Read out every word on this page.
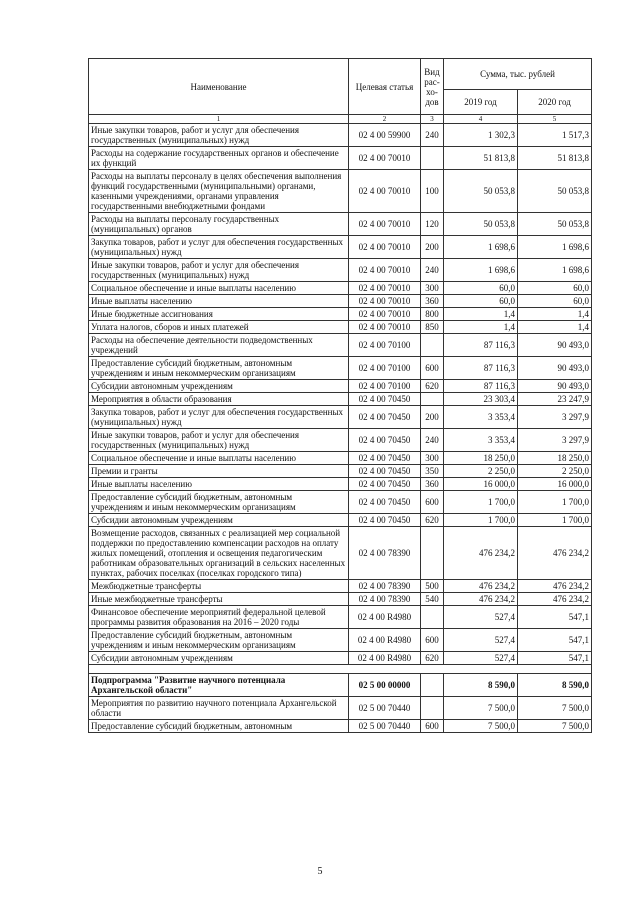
Наименование	Целевая статья	Вид
рас-
хо-
дов	Сумма, тыс. рублей	
			2019 год	2020 год
1	2	3	4	5
Иные закупки товаров, работ и услуг для обеспечения государственных (муниципальных) нужд	02 4 00 59900	240	1 302,3	1 517,3
Расходы на содержание государственных органов и обеспечение их функций	02 4 00 70010		51 813,8	51 813,8
Расходы на выплаты персоналу в целях обеспечения выполнения функций государственными (муниципальными) органами, казенными учреждениями, органами управления государственными внебюджетными фондами	02 4 00 70010	100	50 053,8	50 053,8
Расходы на выплаты персоналу государственных (муниципальных) органов	02 4 00 70010	120	50 053,8	50 053,8
Закупка товаров, работ и услуг для обеспечения государственных (муниципальных) нужд	02 4 00 70010	200	1 698,6	1 698,6
Иные закупки товаров, работ и услуг для обеспечения государственных (муниципальных) нужд	02 4 00 70010	240	1 698,6	1 698,6
Социальное обеспечение и иные выплаты населению	02 4 00 70010	300	60,0	60,0
Иные выплаты населению	02 4 00 70010	360	60,0	60,0
Иные бюджетные ассигнования	02 4 00 70010	800	1,4	1,4
Уплата налогов, сборов и иных платежей	02 4 00 70010	850	1,4	1,4
Расходы на обеспечение деятельности подведомственных учреждений	02 4 00 70100		87 116,3	90 493,0
Предоставление субсидий бюджетным, автономным учреждениям и иным некоммерческим организациям	02 4 00 70100	600	87 116,3	90 493,0
Субсидии автономным учреждениям	02 4 00 70100	620	87 116,3	90 493,0
Мероприятия в области образования	02 4 00 70450		23 303,4	23 247,9
Закупка товаров, работ и услуг для обеспечения государственных (муниципальных) нужд	02 4 00 70450	200	3 353,4	3 297,9
Иные закупки товаров, работ и услуг для обеспечения государственных (муниципальных) нужд	02 4 00 70450	240	3 353,4	3 297,9
Социальное обеспечение и иные выплаты населению	02 4 00 70450	300	18 250,0	18 250,0
Премии и гранты	02 4 00 70450	350	2 250,0	2 250,0
Иные выплаты населению	02 4 00 70450	360	16 000,0	16 000,0
Предоставление субсидий бюджетным, автономным учреждениям и иным некоммерческим организациям	02 4 00 70450	600	1 700,0	1 700,0
Субсидии автономным учреждениям	02 4 00 70450	620	1 700,0	1 700,0
Возмещение расходов, связанных с реализацией мер социальной поддержки по предоставлению компенсации расходов на оплату жилых помещений, отопления и освещения педагогическим работникам образовательных организаций в сельских населенных пунктах, рабочих поселках (поселках городского типа)	02 4 00 78390		476 234,2	476 234,2
Межбюджетные трансферты	02 4 00 78390	500	476 234,2	476 234,2
Иные межбюджетные трансферты	02 4 00 78390	540	476 234,2	476 234,2
Финансовое обеспечение мероприятий федеральной целевой программы развития образования на 2016 – 2020 годы	02 4 00 R4980		527,4	547,1
Предоставление субсидий бюджетным, автономным учреждениям и иным некоммерческим организациям	02 4 00 R4980	600	527,4	547,1
Субсидии автономным учреждениям	02 4 00 R4980	620	527,4	547,1

Подпрограмма "Развитие научного потенциала Архангельской области"	02 5 00 00000		8 590,0	8 590,0
Мероприятия по развитию научного потенциала Архангельской области	02 5 00 70440		7 500,0	7 500,0
Предоставление субсидий бюджетным, автономным	02 5 00 70440	600	7 500,0	7 500,0
5
